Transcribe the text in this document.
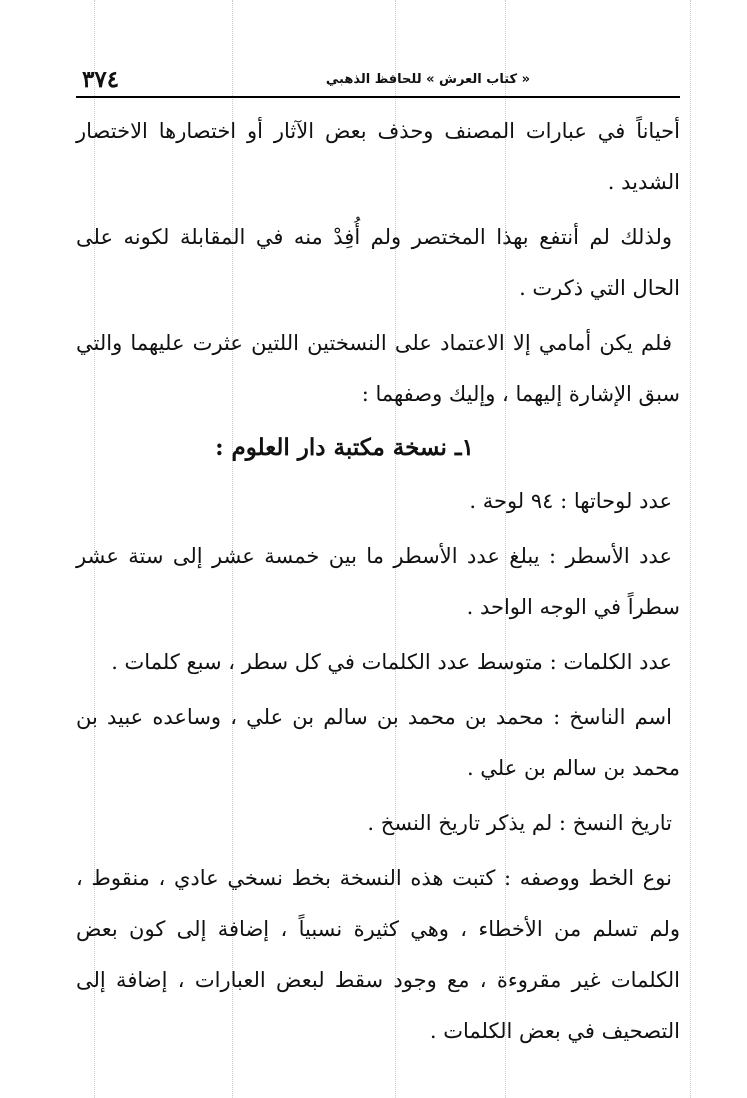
« كتاب العرش » للحافظ الذهبي
٣٧٤

أحياناً في عبارات المصنف وحذف بعض الآثار أو اختصارها الاختصار الشديد .

ولذلك لم أنتفع بهذا المختصر ولم أُفِدْ منه في المقابلة لكونه على الحال التي ذكرت .

فلم يكن أمامي إلا الاعتماد على النسختين اللتين عثرت عليهما والتي سبق الإشارة إليهما ، وإليك وصفهما :

١ـ نسخة مكتبة دار العلوم :

عدد لوحاتها : ٩٤ لوحة .

عدد الأسطر : يبلغ عدد الأسطر ما بين خمسة عشر إلى ستة عشر سطراً في الوجه الواحد .

عدد الكلمات : متوسط عدد الكلمات في كل سطر ، سبع كلمات .

اسم الناسخ : محمد بن محمد بن سالم بن علي ، وساعده عبيد بن محمد بن سالم بن علي .

تاريخ النسخ : لم يذكر تاريخ النسخ .

نوع الخط ووصفه : كتبت هذه النسخة بخط نسخي عادي ، منقوط ، ولم تسلم من الأخطاء ، وهي كثيرة نسبياً ، إضافة إلى كون بعض الكلمات غير مقروءة ، مع وجود سقط لبعض العبارات ، إضافة إلى التصحيف في بعض الكلمات .
